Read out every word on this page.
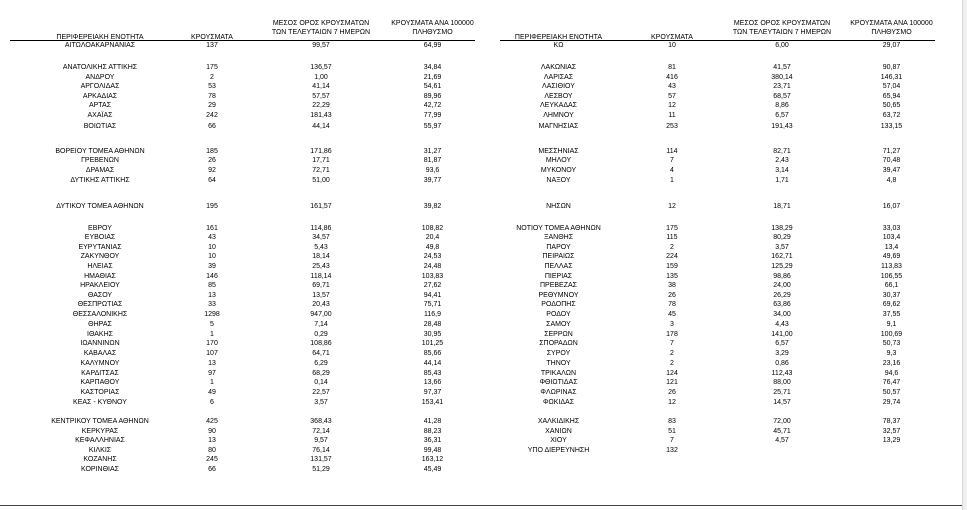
ΠΕΡΙΦΕΡΕΙΑΚΗ ΕΝΟΤΗΤΑ	ΚΡΟΥΣΜΑΤΑ
ΜΕΣΟΣ ΟΡΟΣ ΚΡΟΥΣΜΑΤΩΝ
ΤΩΝ ΤΕΛΕΥΤΑΙΩΝ 7 ΗΜΕΡΩΝ
ΚΡΟΥΣΜΑΤΑ ΑΝΑ 100000
ΠΛΗΘΥΣΜΟ
ΠΕΡΙΦΕΡΕΙΑΚΗ ΕΝΟΤΗΤΑ	ΚΡΟΥΣΜΑΤΑ
ΜΕΣΟΣ ΟΡΟΣ ΚΡΟΥΣΜΑΤΩΝ
ΤΩΝ ΤΕΛΕΥΤΑΙΩΝ 7 ΗΜΕΡΩΝ
ΚΡΟΥΣΜΑΤΑ ΑΝΑ 100000
ΠΛΗΘΥΣΜΟ
ΑΙΤΩΛΟΑΚΑΡΝΑΝΙΑΣ	137	99,57	64,99
ΑΝΑΤΟΛΙΚΗΣ ΑΤΤΙΚΗΣ	175	136,57	34,84
ΑΝΔΡΟΥ	2	1,00	21,69
ΑΡΓΟΛΙΔΑΣ	53	41,14	54,61
ΑΡΚΑΔΙΑΣ	78	57,57	89,96
ΑΡΤΑΣ	29	22,29	42,72
ΑΧΑΪΑΣ	242	181,43	77,99
ΒΟΙΩΤΙΑΣ	66	44,14	55,97
ΒΟΡΕΙΟΥ ΤΟΜΕΑ ΑΘΗΝΩΝ	185	171,86	31,27
ΓΡΕΒΕΝΩΝ	26	17,71	81,87
ΔΡΑΜΑΣ	92	72,71	93,6
ΔΥΤΙΚΗΣ ΑΤΤΙΚΗΣ	64	51,00	39,77
ΔΥΤΙΚΟΥ ΤΟΜΕΑ ΑΘΗΝΩΝ	195	161,57	39,82
ΕΒΡΟΥ	161	114,86	108,82
ΕΥΒΟΙΑΣ	43	34,57	20,4
ΕΥΡΥΤΑΝΙΑΣ	10	5,43	49,8
ΖΑΚΥΝΘΟΥ	10	18,14	24,53
ΗΛΕΙΑΣ	39	25,43	24,48
ΗΜΑΘΙΑΣ	146	118,14	103,83
ΗΡΑΚΛΕΙΟΥ	85	69,71	27,62
ΘΑΣΟΥ	13	13,57	94,41
ΘΕΣΠΡΩΤΙΑΣ	33	20,43	75,71
ΘΕΣΣΑΛΟΝΙΚΗΣ	1298	947,00	116,9
ΘΗΡΑΣ	5	7,14	28,48
ΙΘΑΚΗΣ	1	0,29	30,95
ΙΩΑΝΝΙΝΩΝ	170	108,86	101,25
ΚΑΒΑΛΑΣ	107	64,71	85,66
ΚΑΛΥΜΝΟΥ	13	6,29	44,14
ΚΑΡΔΙΤΣΑΣ	97	68,29	85,43
ΚΑΡΠΑΘΟΥ	1	0,14	13,66
ΚΑΣΤΟΡΙΑΣ	49	22,57	97,37
ΚΕΑΣ - ΚΥΘΝΟΥ	6	3,57	153,41
ΚΕΝΤΡΙΚΟΥ ΤΟΜΕΑ ΑΘΗΝΩΝ	425	368,43	41,28
ΚΕΡΚΥΡΑΣ	90	72,14	88,23
ΚΕΦΑΛΛΗΝΙΑΣ	13	9,57	36,31
ΚΙΛΚΙΣ	80	76,14	99,48
ΚΟΖΑΝΗΣ	245	131,57	163,12
ΚΟΡΙΝΘΙΑΣ	66	51,29	45,49
ΚΩ	10	6,00	29,07
ΛΑΚΩΝΙΑΣ	81	41,57	90,87
ΛΑΡΙΣΑΣ	416	380,14	146,31
ΛΑΣΙΘΙΟΥ	43	23,71	57,04
ΛΕΣΒΟΥ	57	68,57	65,94
ΛΕΥΚΑΔΑΣ	12	8,86	50,65
ΛΗΜΝΟΥ	11	6,57	63,72
ΜΑΓΝΗΣΙΑΣ	253	191,43	133,15
ΜΕΣΣΗΝΙΑΣ	114	82,71	71,27
ΜΗΛΟΥ	7	2,43	70,48
ΜΥΚΟΝΟΥ	4	3,14	39,47
ΝΑΞΟΥ	1	1,71	4,8
ΝΗΣΩΝ	12	18,71	16,07
ΝΟΤΙΟΥ ΤΟΜΕΑ ΑΘΗΝΩΝ	175	138,29	33,03
ΞΑΝΘΗΣ	115	80,29	103,4
ΠΑΡΟΥ	2	3,57	13,4
ΠΕΙΡΑΙΩΣ	224	162,71	49,69
ΠΕΛΛΑΣ	159	125,29	113,83
ΠΙΕΡΙΑΣ	135	98,86	106,55
ΠΡΕΒΕΖΑΣ	38	24,00	66,1
ΡΕΘΥΜΝΟΥ	26	26,29	30,37
ΡΟΔΟΠΗΣ	78	63,86	69,62
ΡΟΔΟΥ	45	34,00	37,55
ΣΑΜΟΥ	3	4,43	9,1
ΣΕΡΡΩΝ	178	141,00	100,69
ΣΠΟΡΑΔΩΝ	7	6,57	50,73
ΣΥΡΟΥ	2	3,29	9,3
ΤΗΝΟΥ	2	0,86	23,16
ΤΡΙΚΑΛΩΝ	124	112,43	94,6
ΦΘΙΩΤΙΔΑΣ	121	88,00	76,47
ΦΛΩΡΙΝΑΣ	26	25,71	50,57
ΦΩΚΙΔΑΣ	12	14,57	29,74
ΧΑΛΚΙΔΙΚΗΣ	83	72,00	78,37
ΧΑΝΙΩΝ	51	45,71	32,57
ΧΙΟΥ	7	4,57	13,29
ΥΠΟ ΔΙΕΡΕΥΝΗΣΗ	132
